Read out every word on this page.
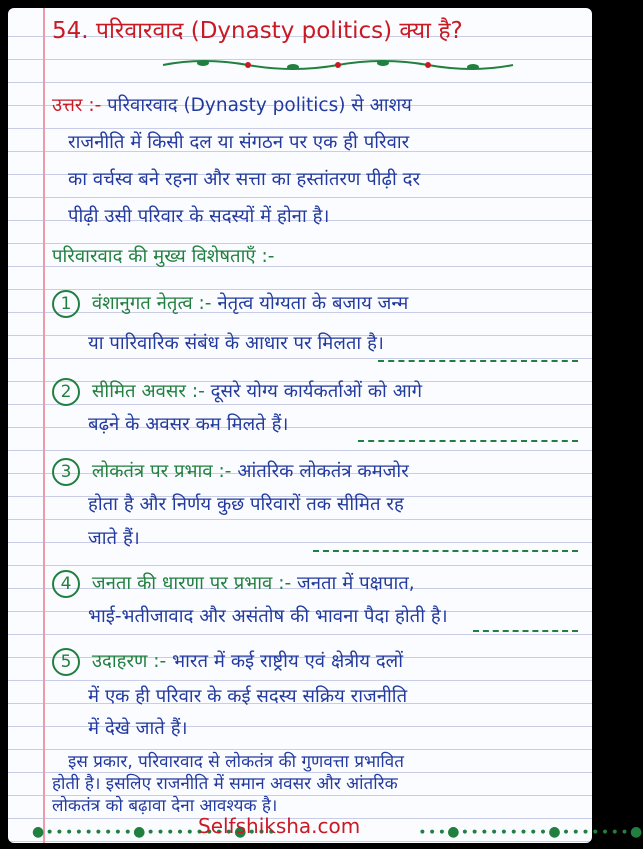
54. परिवारवाद (Dynasty politics) क्या है?
उत्तर :- परिवारवाद (Dynasty politics) से आशय
राजनीति में किसी दल या संगठन पर एक ही परिवार
का वर्चस्व बने रहना और सत्ता का हस्तांतरण पीढ़ी दर
पीढ़ी उसी परिवार के सदस्यों में होना है।
परिवारवाद की मुख्य विशेषताएँ :-
1 वंशानुगत नेतृत्व :- नेतृत्व योग्यता के बजाय जन्म
या पारिवारिक संबंध के आधार पर मिलता है।
2 सीमित अवसर :- दूसरे योग्य कार्यकर्ताओं को आगे
बढ़ने के अवसर कम मिलते हैं।
3 लोकतंत्र पर प्रभाव :- आंतरिक लोकतंत्र कमजोर
होता है और निर्णय कुछ परिवारों तक सीमित रह
जाते हैं।
4 जनता की धारणा पर प्रभाव :- जनता में पक्षपात,
भाई-भतीजावाद और असंतोष की भावना पैदा होती है।
5 उदाहरण :- भारत में कई राष्ट्रीय एवं क्षेत्रीय दलों
में एक ही परिवार के कई सदस्य सक्रिय राजनीति
में देखे जाते हैं।
इस प्रकार, परिवारवाद से लोकतंत्र की गुणवत्ता प्रभावित
होती है। इसलिए राजनीति में समान अवसर और आंतरिक
लोकतंत्र को बढ़ावा देना आवश्यक है।
●∙∙∙∙∙∙∙∙∙●∙∙∙∙∙∙∙∙∙●∙∙∙
Selfshiksha.com	∙∙∙●∙∙∙∙∙∙∙∙∙●∙∙∙∙∙∙∙●
